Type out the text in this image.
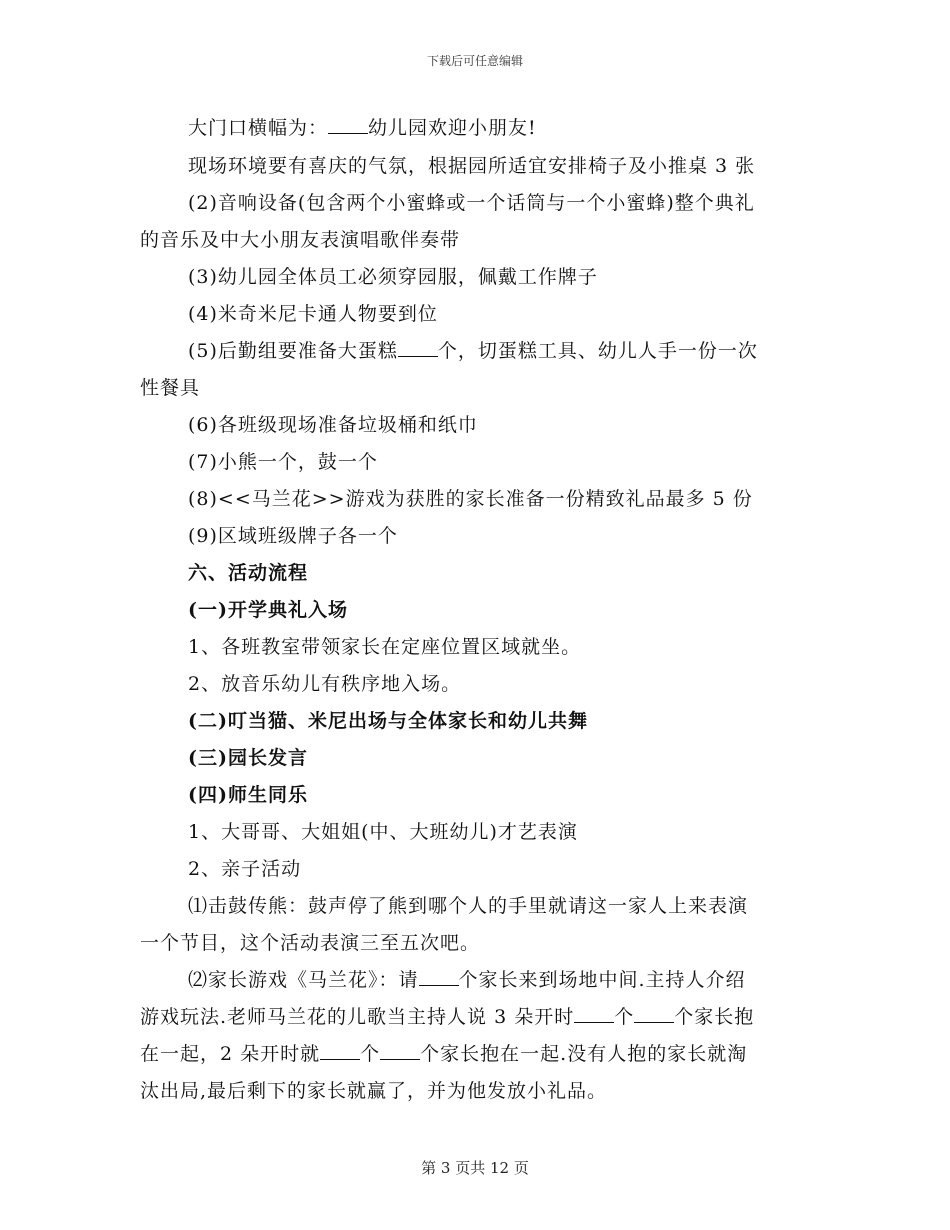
下载后可任意编辑
大门口横幅为： 幼儿园欢迎小朋友!
现场环境要有喜庆的气氛，根据园所适宜安排椅子及小推桌 3 张
(2)音响设备(包含两个小蜜蜂或一个话筒与一个小蜜蜂)整个典礼
的音乐及中大小朋友表演唱歌伴奏带
(3)幼儿园全体员工必须穿园服，佩戴工作牌子
(4)米奇米尼卡通人物要到位
(5)后勤组要准备大蛋糕 个，切蛋糕工具、幼儿人手一份一次
性餐具
(6)各班级现场准备垃圾桶和纸巾
(7)小熊一个，鼓一个
(8)<<马兰花>>游戏为获胜的家长准备一份精致礼品最多 5 份
(9)区域班级牌子各一个
六、活动流程
(一)开学典礼入场
1、各班教室带领家长在定座位置区域就坐。
2、放音乐幼儿有秩序地入场。
(二)叮当猫、米尼出场与全体家长和幼儿共舞
(三)园长发言
(四)师生同乐
1、大哥哥、大姐姐(中、大班幼儿)才艺表演
2、亲子活动
⑴击鼓传熊：鼓声停了熊到哪个人的手里就请这一家人上来表演
一个节目，这个活动表演三至五次吧。
⑵家长游戏《马兰花》：请 个家长来到场地中间.主持人介绍
游戏玩法.老师马兰花的儿歌当主持人说 3 朵开时 个 个家长抱
在一起，2 朵开时就 个 个家长抱在一起.没有人抱的家长就淘
汰出局,最后剩下的家长就赢了，并为他发放小礼品。
第 3 页共 12 页
